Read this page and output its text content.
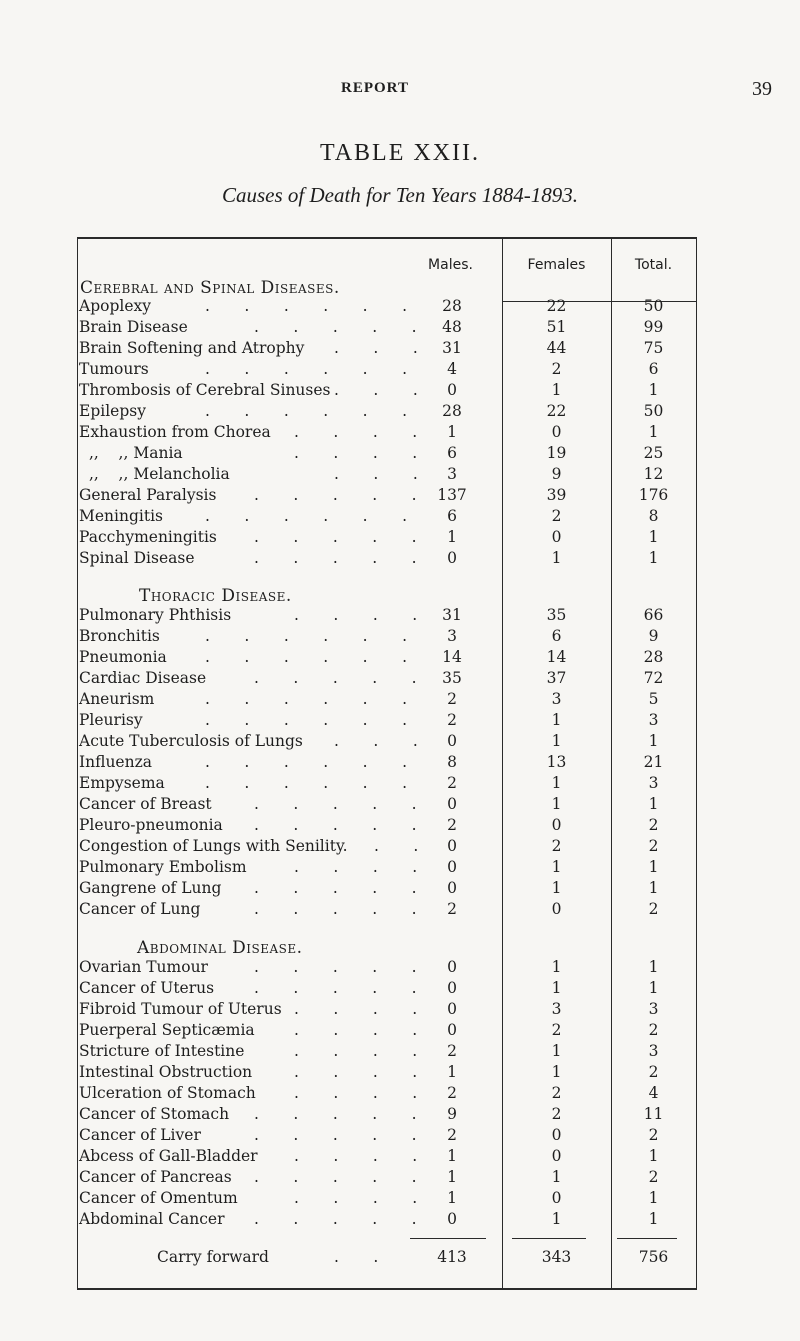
REPORT	39
TABLE XXII.
Causes of Death for Ten Years 1884-1893.
Males.	Females	Total.
Cerebral and Spinal Diseases.
Apoplexy	.       .       .       .       .       .	28	22	50
Brain Disease	.       .       .       .       .	48	51	99
Brain Softening and Atrophy .       .       .	31	44	75
Tumours	.       .       .       .       .       .	4	2	6
Thrombosis of Cerebral Sinuses .       .       .	0	1	1
Epilepsy	.       .       .       .       .       .	28	22	50
Exhaustion from Chorea .       .       .       .	1	0	1
,,    ,, Mania	.       .       .       .	6	19	25
,,    ,, Melancholia	.       .       .	3	9	12
General Paralysis .       .       .       .       .	137	39	176
Meningitis	.       .       .       .       .       .	6	2	8
Pacchymeningitis .       .       .       .       .	1	0	1
Spinal Disease	.       .       .       .       .	0	1	1
Thoracic Disease.
Pulmonary Phthisis	.       .       .       .	31	35	66
Bronchitis	.       .       .       .       .       .	3	6	9
Pneumonia .       .       .       .       .       .	14	14	28
Cardiac Disease	.       .       .       .       .	35	37	72
Aneurism	.       .       .       .       .       .	2	3	5
Pleurisy	.       .       .       .       .       .	2	1	3
Acute Tuberculosis of Lungs .       .       .	0	1	1
Influenza	.       .       .       .       .       .	8	13	21
Empysema	.       .       .       .       .       .	2	1	3
Cancer of Breast	.       .       .       .       .	0	1	1
Pleuro-pneumonia .       .       .       .       .	2	0	2
Congestion of Lungs with Senility. .       .	0	2	2
Pulmonary Embolism	.       .       .       .	0	1	1
Gangrene of Lung .       .       .       .       .	0	1	1
Cancer of Lung	.       .       .       .       .	2	0	2
Abdominal Disease.
Ovarian Tumour	.       .       .       .       .	0	1	1
Cancer of Uterus	.       .       .       .       .	0	1	1
Fibroid Tumour of Uterus .       .       .       .	0	3	3
Puerperal Septicæmia	.       .       .       .	0	2	2
Stricture of Intestine	.       .       .       .	2	1	3
Intestinal Obstruction	.       .       .       .	1	1	2
Ulceration of Stomach .       .       .       .	2	2	4
Cancer of Stomach .       .       .       .       .	9	2	11
Cancer of Liver	.       .       .       .       .	2	0	2
Abcess of Gall-Bladder .       .       .       .	1	0	1
Cancer of Pancreas .       .       .       .       .	1	1	2
Cancer of Omentum	.       .       .       .	1	0	1
Abdominal Cancer .       .       .       .       .	0	1	1
Carry forward	.       .	413	343	756
